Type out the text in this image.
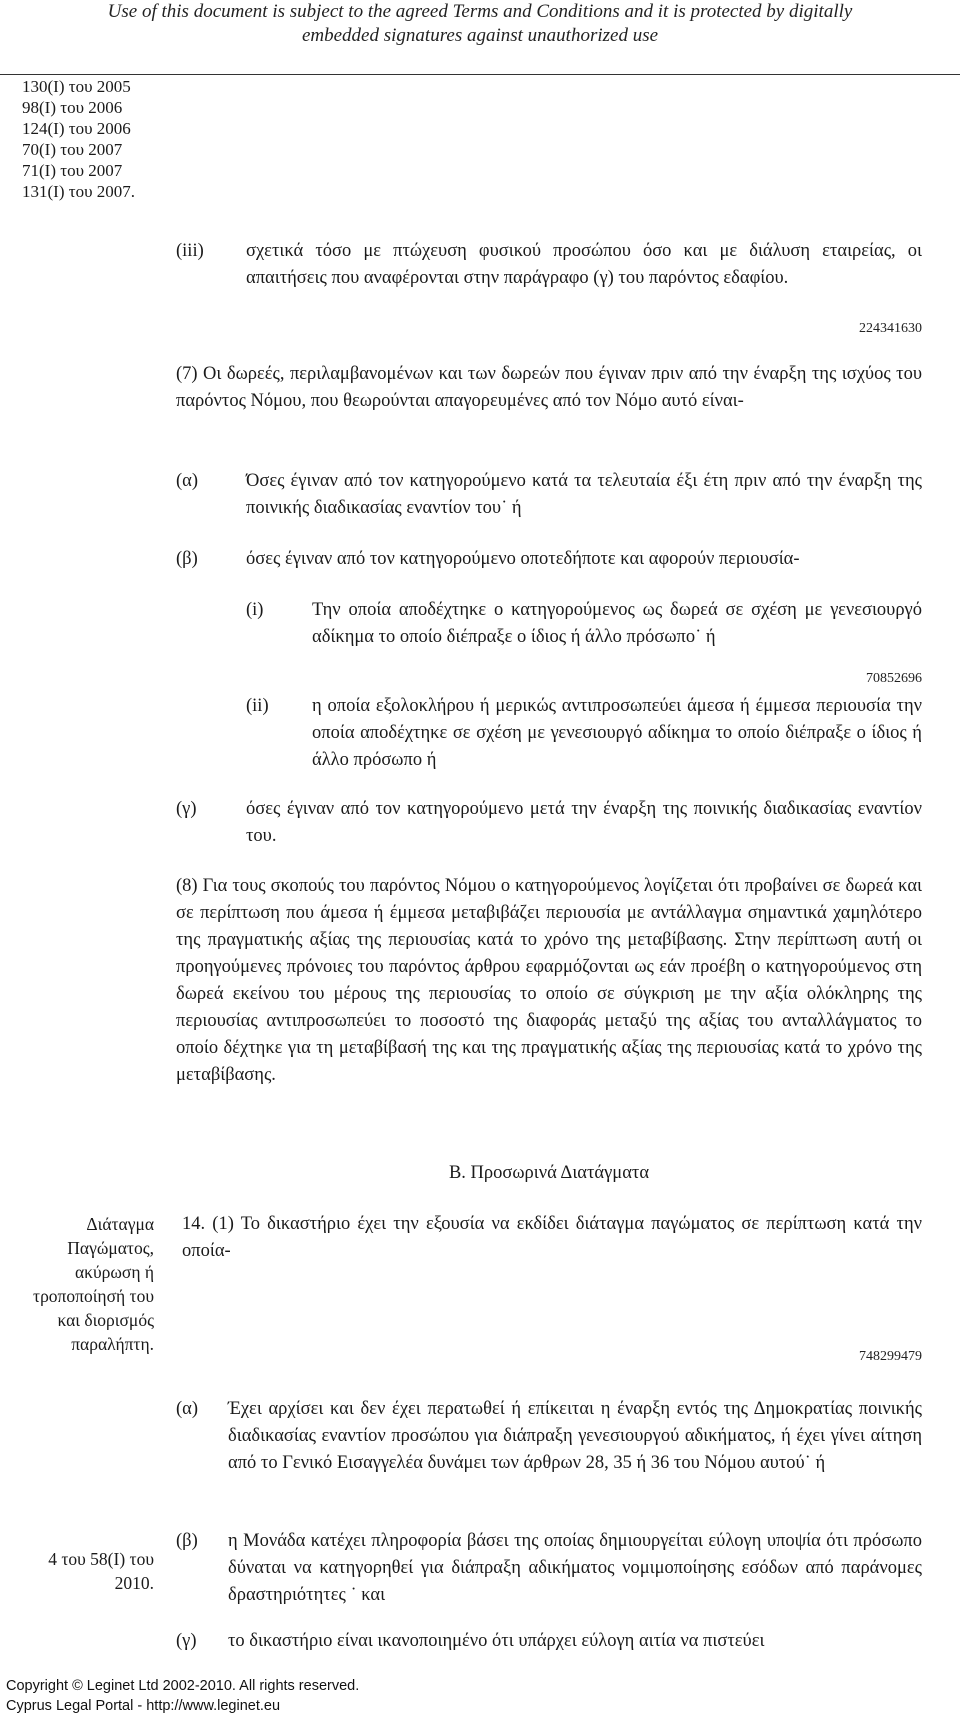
Use of this document is subject to the agreed Terms and Conditions and it is protected by digitally
embedded signatures against unauthorized use
130(Ι) του 2005
98(Ι) του 2006
124(Ι) του 2006
70(Ι) του 2007
71(Ι) του 2007
131(Ι) του 2007.
(iii) σχετικά τόσο με πτώχευση φυσικού προσώπου όσο και με διάλυση εταιρείας, οι απαιτήσεις που αναφέρονται στην παράγραφο (γ) του παρόντος εδαφίου.
224341630
(7) Οι δωρεές, περιλαμβανομένων και των δωρεών που έγιναν πριν από την έναρξη της ισχύος του παρόντος Νόμου, που θεωρούνται απαγορευμένες από τον Νόμο αυτό είναι-
(α)	Όσες έγιναν από τον κατηγορούμενο κατά τα τελευταία έξι έτη πριν από την έναρξη της ποινικής διαδικασίας εναντίον του˙ ή
(β)	όσες έγιναν από τον κατηγορούμενο οποτεδήποτε και αφορούν περιουσία-
(i)	Την οποία αποδέχτηκε ο κατηγορούμενος ως δωρεά σε σχέση με γενεσιουργό αδίκημα το οποίο διέπραξε ο ίδιος ή άλλο πρόσωπο˙ ή
70852696
(ii) η οποία εξολοκλήρου ή μερικώς αντιπροσωπεύει άμεσα ή έμμεσα περιουσία την οποία αποδέχτηκε σε σχέση με γενεσιουργό αδίκημα το οποίο διέπραξε ο ίδιος ή άλλο πρόσωπο ή
(γ)	όσες έγιναν από τον κατηγορούμενο μετά την έναρξη της ποινικής διαδικασίας εναντίον του.
(8) Για τους σκοπούς του παρόντος Νόμου ο κατηγορούμενος λογίζεται ότι προβαίνει σε δωρεά και σε περίπτωση που άμεσα ή έμμεσα μεταβιβάζει περιουσία με αντάλλαγμα σημαντικά χαμηλότερο της πραγματικής αξίας της περιουσίας κατά το χρόνο της μεταβίβασης. Στην περίπτωση αυτή οι προηγούμενες πρόνοιες του παρόντος άρθρου εφαρμόζονται ως εάν προέβη ο κατηγορούμενος στη δωρεά εκείνου του μέρους της περιουσίας το οποίο σε σύγκριση με την αξία ολόκληρης της περιουσίας αντιπροσωπεύει το ποσοστό της διαφοράς μεταξύ της αξίας του ανταλλάγματος το οποίο δέχτηκε για τη μεταβίβασή της και της πραγματικής αξίας της περιουσίας κατά το χρόνο της μεταβίβασης.
Β. Προσωρινά Διατάγματα
Διάταγμα
Παγώματος,
ακύρωση ή
τροποποίησή του
και διορισμός
παραλήπτη.
14. (1) Το δικαστήριο έχει την εξουσία να εκδίδει διάταγμα παγώματος σε περίπτωση κατά την οποία-
748299479
(α) Έχει αρχίσει και δεν έχει περατωθεί ή επίκειται η έναρξη εντός της Δημοκρατίας ποινικής διαδικασίας εναντίον προσώπου για διάπραξη γενεσιουργού αδικήματος, ή έχει γίνει αίτηση από το Γενικό Εισαγγελέα δυνάμει των άρθρων 28, 35 ή 36 του Νόμου αυτού˙ ή
4 του 58(Ι) του
2010.
(β) η Μονάδα κατέχει πληροφορία βάσει της οποίας δημιουργείται εύλογη υποψία ότι πρόσωπο δύναται να κατηγορηθεί για διάπραξη αδικήματος νομιμοποίησης εσόδων από παράνομες δραστηριότητες ˙ και
(γ) το δικαστήριο είναι ικανοποιημένο ότι υπάρχει εύλογη αιτία να πιστεύει
Copyright © Leginet Ltd 2002-2010. All rights reserved.
Cyprus Legal Portal - http://www.leginet.eu
